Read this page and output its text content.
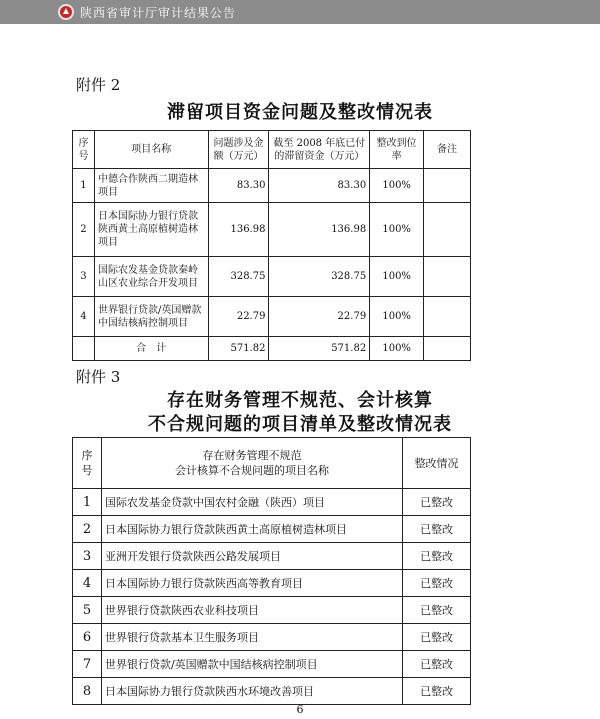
陕西省审计厅审计结果公告
附件 2
滞留项目资金问题及整改情况表
序号	项目名称	问题涉及金额（万元）	截至 2008 年底已付的滞留资金（万元）	整改到位率	备注
1	中德合作陕西二期造林项目	83.30	83.30	100%	
2	日本国际协力银行贷款陕西黄土高原植树造林项目	136.98	136.98	100%	
3	国际农发基金贷款秦岭山区农业综合开发项目	328.75	328.75	100%	
4	世界银行贷款/英国赠款中国结核病控制项目	22.79	22.79	100%	
	合　计	571.82	571.82	100%	
附件 3
存在财务管理不规范、会计核算
不合规问题的项目清单及整改情况表
序号	存在财务管理不规范
会计核算不合规问题的项目名称	整改情况
1	国际农发基金贷款中国农村金融（陕西）项目	已整改
2	日本国际协力银行贷款陕西黄土高原植树造林项目	已整改
3	亚洲开发银行贷款陕西公路发展项目	已整改
4	日本国际协力银行贷款陕西高等教育项目	已整改
5	世界银行贷款陕西农业科技项目	已整改
6	世界银行贷款基本卫生服务项目	已整改
7	世界银行贷款/英国赠款中国结核病控制项目	已整改
8	日本国际协力银行贷款陕西水环境改善项目	已整改
6
